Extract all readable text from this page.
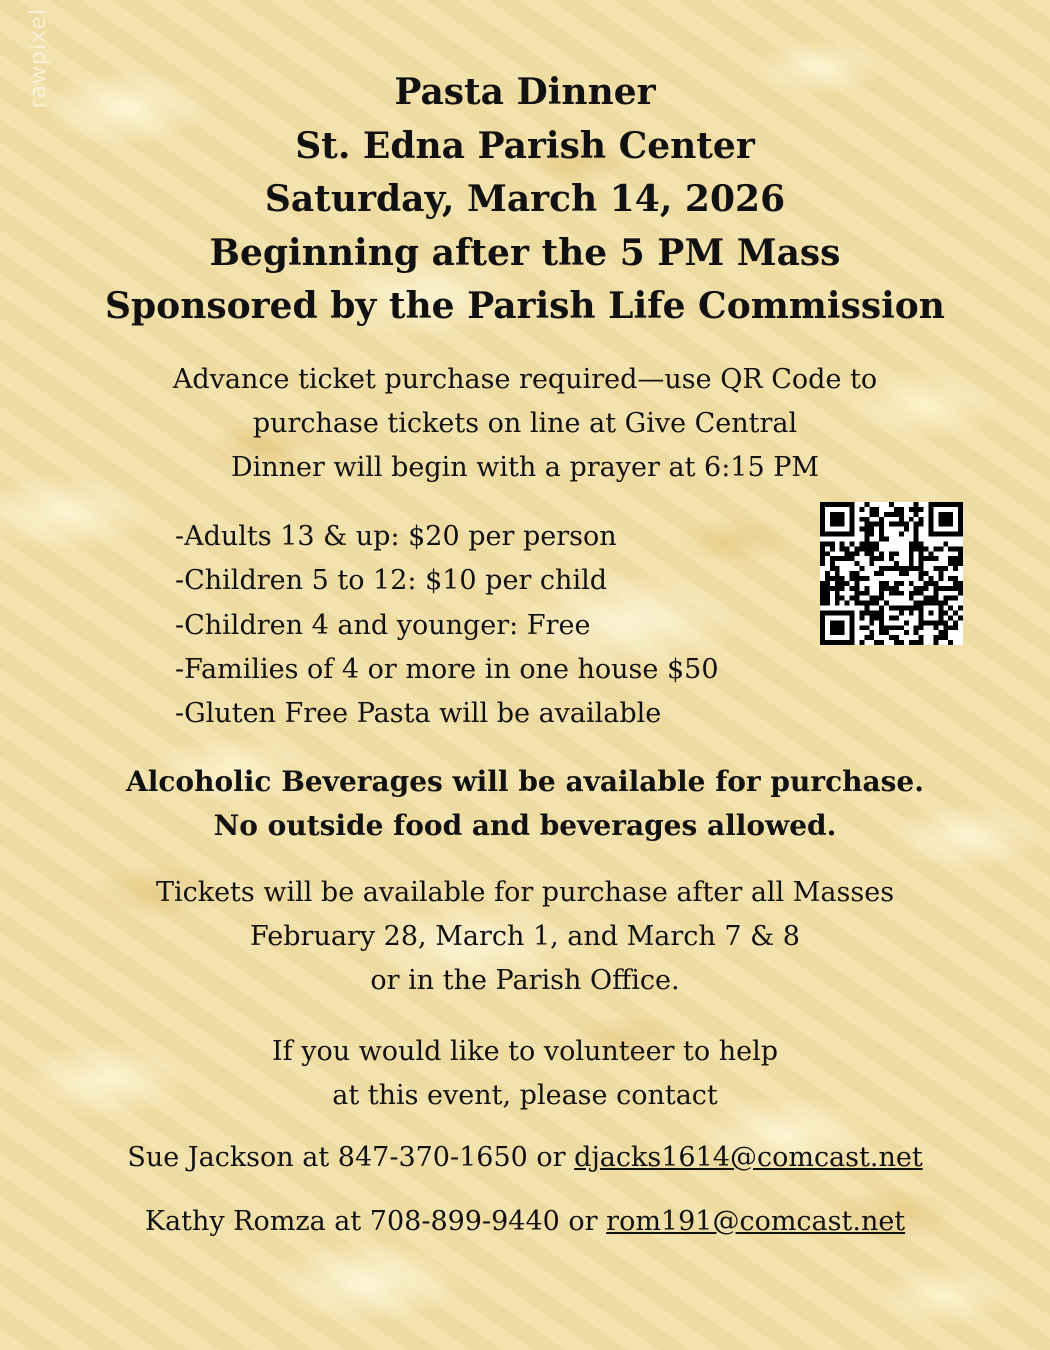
rawpixel	Pasta Dinner
St. Edna Parish Center
Saturday, March 14, 2026
Beginning after the 5 PM Mass
Sponsored by the Parish Life Commission
Advance ticket purchase required—use QR Code to
purchase tickets on line at Give Central
Dinner will begin with a prayer at 6:15 PM
-Adults 13 & up: $20 per person
-Children 5 to 12: $10 per child
-Children 4 and younger: Free
-Families of 4 or more in one house $50
-Gluten Free Pasta will be available
Alcoholic Beverages will be available for purchase.
No outside food and beverages allowed.
Tickets will be available for purchase after all Masses
February 28, March 1, and March 7 & 8
or in the Parish Office.
If you would like to volunteer to help
at this event, please contact
Sue Jackson at 847-370-1650 or djacks1614@comcast.net
Kathy Romza at 708-899-9440 or rom191@comcast.net
